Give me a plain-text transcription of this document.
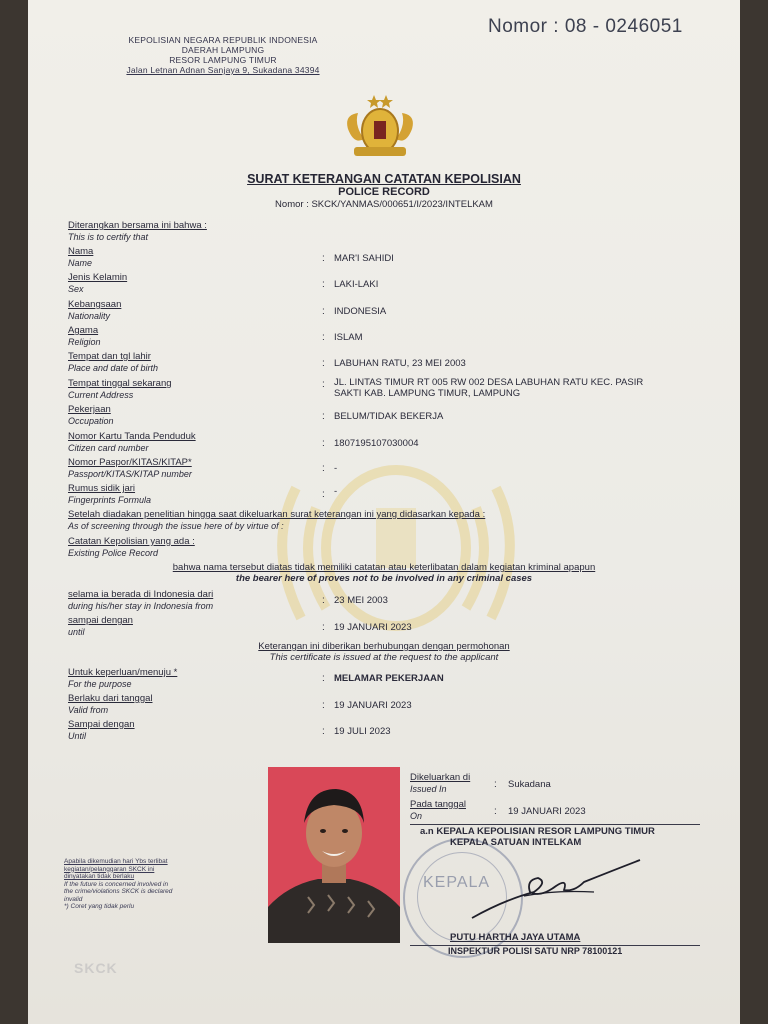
Nomor : 08 - 0246051
KEPOLISIAN NEGARA REPUBLIK INDONESIA
DAERAH LAMPUNG
RESOR LAMPUNG TIMUR
Jalan Letnan Adnan Sanjaya 9, Sukadana 34394
SURAT KETERANGAN CATATAN KEPOLISIAN
POLICE RECORD
Nomor : SKCK/YANMAS/000651/I/2023/INTELKAM
Diterangkan bersama ini bahwa :
This is to certify that
Nama
Name	: MAR'I SAHIDI
Jenis Kelamin
Sex	: LAKI-LAKI
Kebangsaan
Nationality	: INDONESIA
Agama
Religion	: ISLAM
Tempat dan tgl lahir
Place and date of birth	: LABUHAN RATU, 23 MEI 2003
Tempat tinggal sekarang
Current Address
: JL. LINTAS TIMUR RT 005 RW 002 DESA LABUHAN RATU KEC. PASIR
SAKTI KAB. LAMPUNG TIMUR, LAMPUNG
Pekerjaan
Occupation	: BELUM/TIDAK BEKERJA
Nomor Kartu Tanda Penduduk
Citizen card number	: 1807195107030004
Nomor Paspor/KITAS/KITAP*
Passport/KITAS/KITAP number	: -
Rumus sidik jari
Fingerprints Formula	: -
Setelah diadakan penelitian hingga saat dikeluarkan surat keterangan ini yang didasarkan kepada :
As of screening through the issue here of by virtue of :
Catatan Kepolisian yang ada :
Existing Police Record
bahwa nama tersebut diatas tidak memiliki catatan atau keterlibatan dalam kegiatan kriminal apapun
the bearer here of proves not to be involved in any criminal cases
selama ia berada di Indonesia dari
during his/her stay in Indonesia from	: 23 MEI 2003
sampai dengan
until	: 19 JANUARI 2023
Keterangan ini diberikan berhubungan dengan permohonan
This certificate is issued at the request to the applicant
Untuk keperluan/menuju *
For the purpose	: MELAMAR PEKERJAAN
Berlaku dari tanggal
Valid from	: 19 JANUARI 2023
Sampai dengan
Until	: 19 JULI 2023
KEPALA
Dikeluarkan di
Issued In	: Sukadana
Pada tanggal
On	: 19 JANUARI 2023
a.n KEPALA KEPOLISIAN RESOR LAMPUNG TIMUR
KEPALA SATUAN INTELKAM
PUTU HARTHA JAYA UTAMA
INSPEKTUR POLISI SATU NRP 78100121
Apabila dikemudian hari Ybs terlibat kegiatan/pelanggaran SKCK ini dinyatakan tidak berlaku
If the future is concerned involved in the crime/violations SKCK is declared invalid
*) Coret yang tidak perlu
SKCK
